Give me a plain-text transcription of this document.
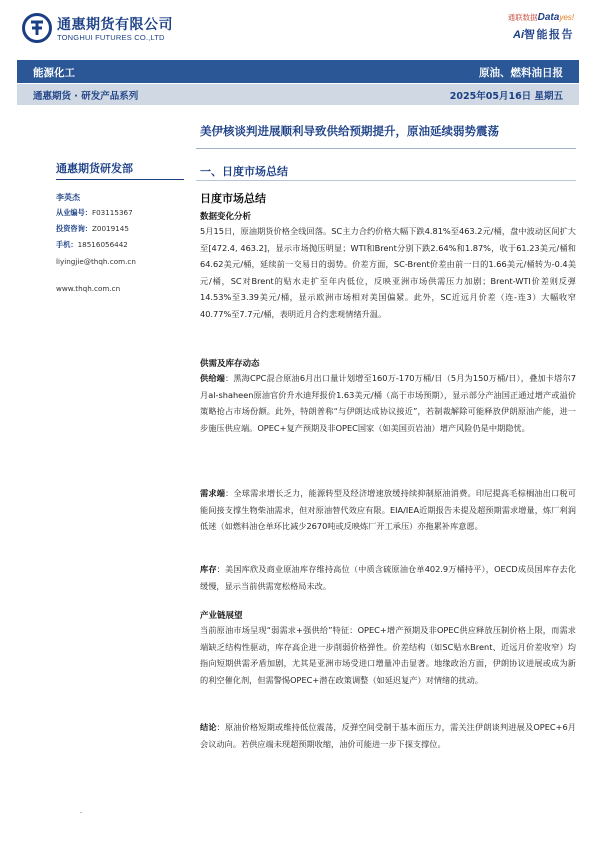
通惠期货有限公司
TONGHUI FUTURES CO.,LTD
通联数据Datayes!
Ai智能报告
能源化工	原油、燃料油日报
通惠期货 · 研发产品系列	2025年05月16日 星期五
美伊核谈判进展顺利导致供给预期提升，原油延续弱势震荡
通惠期货研发部
李英杰
从业编号：F03115367
投资咨询：Z0019145
手机：18516056442
liyingjie@thqh.com.cn
www.thqh.com.cn
一、日度市场总结
日度市场总结
数据变化分析
5月15日，原油期货价格全线回落。SC主力合约价格大幅下跌4.81%至463.2元/桶，盘中波动区间扩大至[472.4, 463.2]，显示市场抛压明显；WTI和Brent分别下跌2.64%和1.87%，收于61.23美元/桶和64.62美元/桶，延续前一交易日的弱势。价差方面，SC-Brent价差由前一日的1.66美元/桶转为-0.4美元/桶，SC对Brent的贴水走扩至年内低位，反映亚洲市场供需压力加剧；Brent-WTI价差则反弹14.53%至3.39美元/桶，显示欧洲市场相对美国偏紧。此外，SC近远月价差（连-连3）大幅收窄40.77%至7.7元/桶，表明近月合约悲观情绪升温。
供需及库存动态
供给端：黑海CPC混合原油6月出口量计划增至160万-170万桶/日（5月为150万桶/日），叠加卡塔尔7月al-shaheen原油官价升水迪拜报价1.63美元/桶（高于市场预期），显示部分产油国正通过增产或溢价策略抢占市场份额。此外，特朗普称“与伊朗达成协议接近”，若制裁解除可能释放伊朗原油产能，进一步施压供应端。OPEC+复产预期及非OPEC国家（如美国页岩油）增产风险仍是中期隐忧。
需求端：全球需求增长乏力，能源转型及经济增速放缓持续抑制原油消费。印尼提高毛棕榈油出口税可能间接支撑生物柴油需求，但对原油替代效应有限。EIA/IEA近期报告未提及超预期需求增量，炼厂利润低迷（如燃料油仓单环比减少2670吨或反映炼厂开工承压）亦拖累补库意愿。
库存：美国库欣及商业原油库存维持高位（中质含硫原油仓单402.9万桶持平），OECD成员国库存去化缓慢，显示当前供需宽松格局未改。
产业链展望
当前原油市场呈现“弱需求+强供给”特征：OPEC+增产预期及非OPEC供应释放压制价格上限，而需求端缺乏结构性驱动，库存高企进一步削弱价格弹性。价差结构（如SC贴水Brent、近远月价差收窄）均指向短期供需矛盾加剧，尤其是亚洲市场受进口增量冲击显著。地缘政治方面，伊朗协议进展或成为新的利空催化剂，但需警惕OPEC+潜在政策调整（如延迟复产）对情绪的扰动。
结论：原油价格短期或维持低位震荡，反弹空间受制于基本面压力，需关注伊朗谈判进展及OPEC+6月会议动向。若供应端未现超预期收缩，油价可能进一步下探支撑位。
